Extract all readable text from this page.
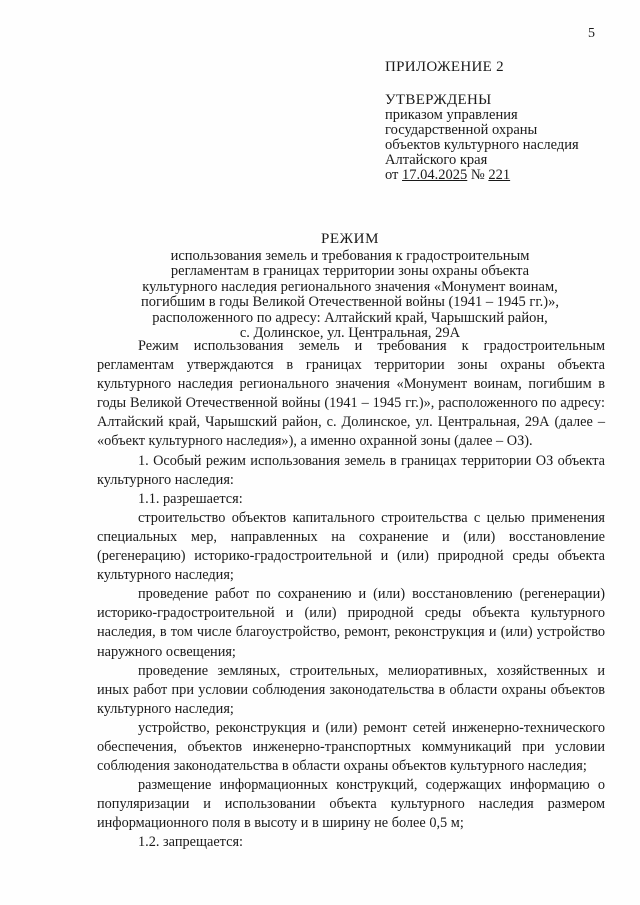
5
ПРИЛОЖЕНИЕ 2
УТВЕРЖДЕНЫ
приказом управления
государственной охраны
объектов культурного наследия
Алтайского края
от 17.04.2025 № 221
РЕЖИМ
использования земель и требования к градостроительным
регламентам в границах территории зоны охраны объекта
культурного наследия регионального значения «Монумент воинам,
погибшим в годы Великой Отечественной войны (1941 – 1945 гг.)»,
расположенного по адресу: Алтайский край, Чарышский район,
с. Долинское, ул. Центральная, 29А

Режим использования земель и требования к градостроительным регламентам утверждаются в границах территории зоны охраны объекта культурного наследия регионального значения «Монумент воинам, погибшим в годы Великой Отечественной войны (1941 – 1945 гг.)», расположенного по адресу: Алтайский край, Чарышский район, с. Долинское, ул. Центральная, 29А (далее – «объект культурного наследия»), а именно охранной зоны (далее – ОЗ).

1. Особый режим использования земель в границах территории ОЗ объекта культурного наследия:

1.1. разрешается:

строительство объектов капитального строительства с целью применения специальных мер, направленных на сохранение и (или) восстановление (регенерацию) историко-градостроительной и (или) природной среды объекта культурного наследия;

проведение работ по сохранению и (или) восстановлению (регенерации) историко-градостроительной и (или) природной среды объекта культурного наследия, в том числе благоустройство, ремонт, реконструкция и (или) устройство наружного освещения;

проведение земляных, строительных, мелиоративных, хозяйственных и иных работ при условии соблюдения законодательства в области охраны объектов культурного наследия;

устройство, реконструкция и (или) ремонт сетей инженерно-технического обеспечения, объектов инженерно-транспортных коммуникаций при условии соблюдения законодательства в области охраны объектов культурного наследия;

размещение информационных конструкций, содержащих информацию о популяризации и использовании объекта культурного наследия размером информационного поля в высоту и в ширину не более 0,5 м;

1.2. запрещается:
